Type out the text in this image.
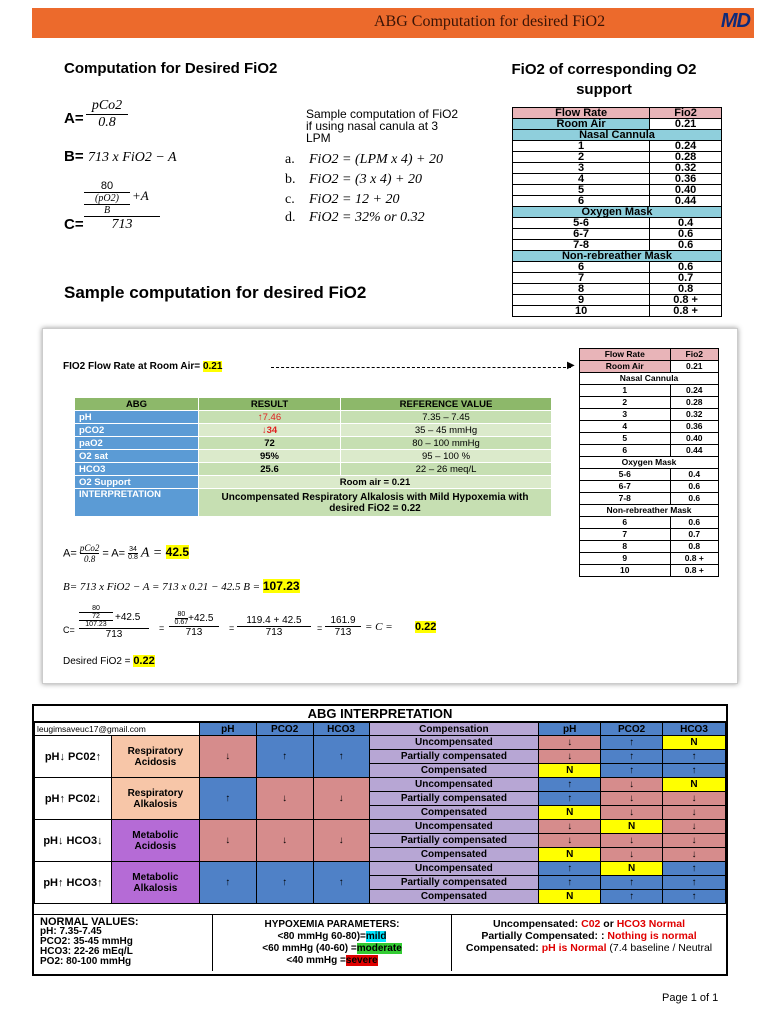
ABG Computation for desired FiO2	MD
Computation for Desired FiO2
A=
pCo2
0.8
B= 713 x FiO2 − A
C=
80
(pO2)
B
+A
713
Sample computation of FiO2 if using nasal canula at 3 LPM
a. FiO2 = (LPM x 4) + 20
b. FiO2 = (3 x 4) + 20
c. FiO2 = 12 + 20
d. FiO2 = 32% or 0.32
FiO2 of corresponding O2 support
Flow Rate	Fio2
Room Air	0.21
Nasal Cannula	
1	0.24
2	0.28
3	0.32
4	0.36
5	0.40
6	0.44
Oxygen Mask	
5-6	0.4
6-7	0.6
7-8	0.6
Non-rebreather Mask	
6	0.6
7	0.7
8	0.8
9	0.8 +
10	0.8 +
Sample computation for desired FiO2
FIO2 Flow Rate at Room Air= 0.21	▶
ABG	RESULT	REFERENCE VALUE
pH	↑7.46	7.35 – 7.45
pCO2	↓34	35 – 45 mmHg
paO2	72	80 – 100 mmHg
O2 sat	95%	95 – 100 %
HCO3	25.6	22 – 26 meq/L
O2 Support	Room air = 0.21	
INTERPRETATION	Uncompensated Respiratory Alkalosis with Mild Hypoxemia with desired FiO2 = 0.22	
A= pCo2
$0.8 = A= \frac{34}{0.8}$ A = 42.5
B= 713 x FiO2 − A = 713 x 0.21 − 42.5 B = 107.23
C=
80
72
107.23
+42.5
713
=
$\frac{80}{0.67}+42.5$
713	=
119.4 + 42.5
713	=
161.9
713	= C = 0.22
Desired FiO2 = 0.22
Flow Rate	Fio2
Room Air	0.21
Nasal Cannula	
1	0.24
2	0.28
3	0.32
4	0.36
5	0.40
6	0.44
Oxygen Mask	
5-6	0.4
6-7	0.6
7-8	0.6
Non-rebreather Mask	
6	0.6
7	0.7
8	0.8
9	0.8 +
10	0.8 +
ABG INTERPRETATION
leugimsaveuc17@gmail.com		pH	PCO2	HCO3	Compensation	pH	PCO2	HCO3
pH↓ PC02↑	Respiratory Acidosis	↓	↑	↑	Uncompensated	↓	↑	N
					Partially compensated	↓	↑	↑
					Compensated	N	↑	↑
pH↑ PC02↓	Respiratory Alkalosis	↑	↓	↓	Uncompensated	↑	↓	N
					Partially compensated	↑	↓	↓
					Compensated	N	↓	↓
pH↓ HCO3↓	Metabolic Acidosis	↓	↓	↓	Uncompensated	↓	N	↓
					Partially compensated	↓	↓	↓
					Compensated	N	↓	↓
pH↑ HCO3↑	Metabolic Alkalosis	↑	↑	↑	Uncompensated	↑	N	↑
					Partially compensated	↑	↑	↑
					Compensated	N	↑	↑
NORMAL VALUES:
pH: 7.35-7.45
PCO2: 35-45 mmHg
HCO3: 22-26 mEq/L
PO2: 80-100 mmHg
HYPOXEMIA PARAMETERS:
<80 mmHg 60-80)=mild
<60 mmHg (40-60) =moderate
<40 mmHg =severe
Uncompensated: C02 or HCO3 Normal
Partially Compensated: : Nothing is normal
Compensated: pH is Normal (7.4 baseline / Neutral
Page 1 of 1
